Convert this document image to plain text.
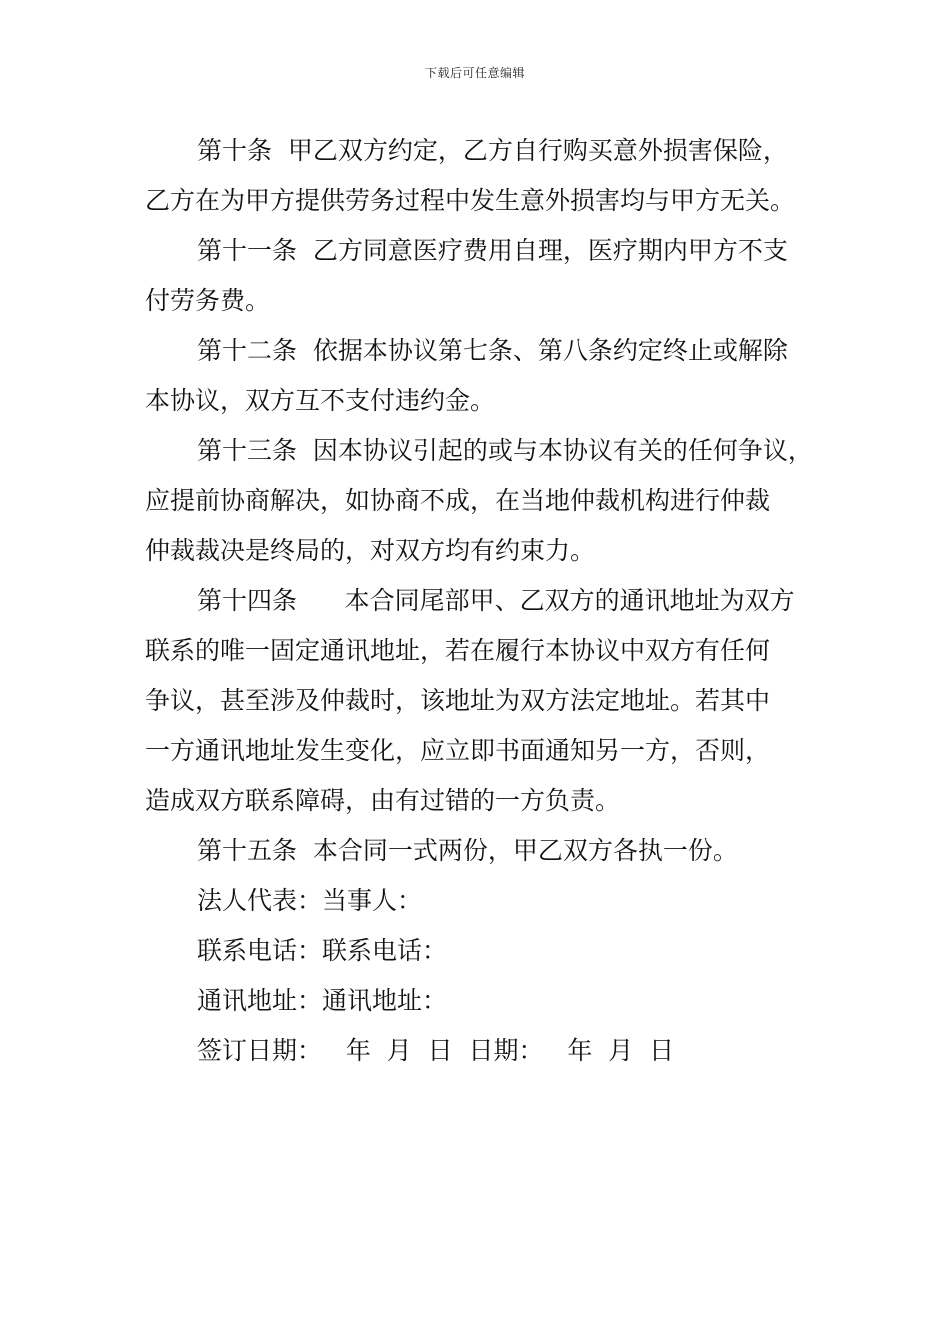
下载后可任意编辑
第十条  甲乙双方约定，乙方自行购买意外损害保险，
乙方在为甲方提供劳务过程中发生意外损害均与甲方无关。
第十一条  乙方同意医疗费用自理，医疗期内甲方不支
付劳务费。
第十二条  依据本协议第七条、第八条约定终止或解除
本协议，双方互不支付违约金。
第十三条  因本协议引起的或与本协议有关的任何争议，
应提前协商解决，如协商不成，在当地仲裁机构进行仲裁
仲裁裁决是终局的，对双方均有约束力。
第十四条      本合同尾部甲、乙双方的通讯地址为双方
联系的唯一固定通讯地址，若在履行本协议中双方有任何
争议，甚至涉及仲裁时，该地址为双方法定地址。若其中
一方通讯地址发生变化，应立即书面通知另一方，否则，
造成双方联系障碍，由有过错的一方负责。
第十五条  本合同一式两份，甲乙双方各执一份。
法人代表：当事人：
联系电话：联系电话：
通讯地址：通讯地址：
签订日期：   年  月  日  日期：   年  月  日
